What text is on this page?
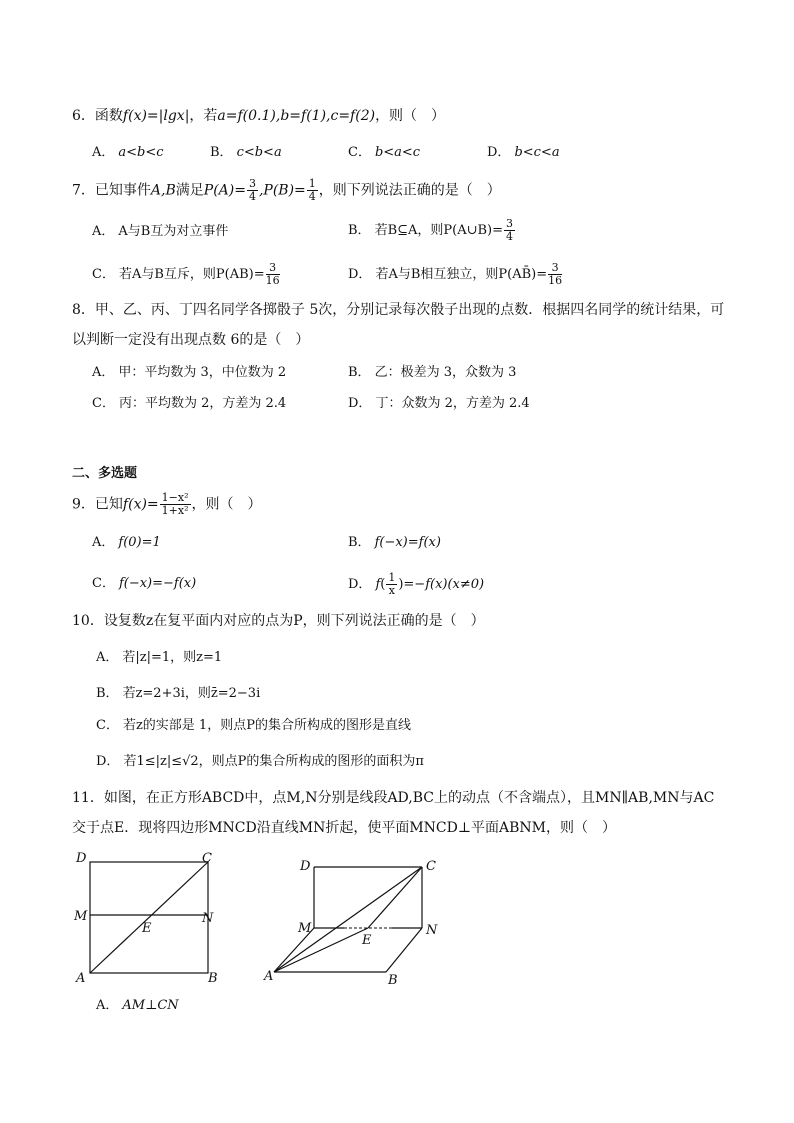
6．函数f(x)=|lgx|，若a=f(0.1),b=f(1),c=f(2)，则（　）
A． a<b<c	B． c<b<a	C． b<a<c	D． b<c<a
7．已知事件A,B满足$P(A)= \frac{3}{4} ,P(B)= \frac{1}{4}$ ，则下列说法正确的是（　）
A． A与B互为对立事件	B． 若B⊆A，则P(A∪B)= $\frac{3}{4}$
C． 若A与B互斥，则$P(AB)= \frac{3}{16}$	D． 若A与B相互独立，则P(AB̄)= $\frac{3}{16}$
8．甲、乙、丙、丁四名同学各掷骰子 5次，分别记录每次骰子出现的点数．根据四名同学的统计结果，可
以判断一定没有出现点数 6的是（　）
A． 甲：平均数为 3，中位数为 2	B． 乙：极差为 3，众数为 3
C． 丙：平均数为 2，方差为 2.4	D． 丁：众数为 2，方差为 2.4
二、多选题
9．已知$f(x)= \frac{\text{1−x²}}{\text{1+x²}}$ ，则（　）
A． f(0)=1	B． f(−x)=f(x)
C． f(−x)=−f(x)	D． $f( \frac{1}{x} )=-f(x)(x\ne 0)$
10．设复数z在复平面内对应的点为P，则下列说法正确的是（　）
A． 若|z|=1，则z=1
B． 若z=2+3i，则z̄=2−3i
C． 若z的实部是 1，则点P的集合所构成的图形是直线
D． 若1≤|z|≤√2，则点P的集合所构成的图形的面积为π
11．如图，在正方形ABCD中，点M,N分别是线段AD,BC上的动点（不含端点），且MN∥AB,MN与AC
交于点E．现将四边形MNCD沿直线MN折起，使平面MNCD⊥平面ABNM，则（　）
D	C
M
E
N
A	B
D	C
M
E
N
A	B
A． AM⊥CN
